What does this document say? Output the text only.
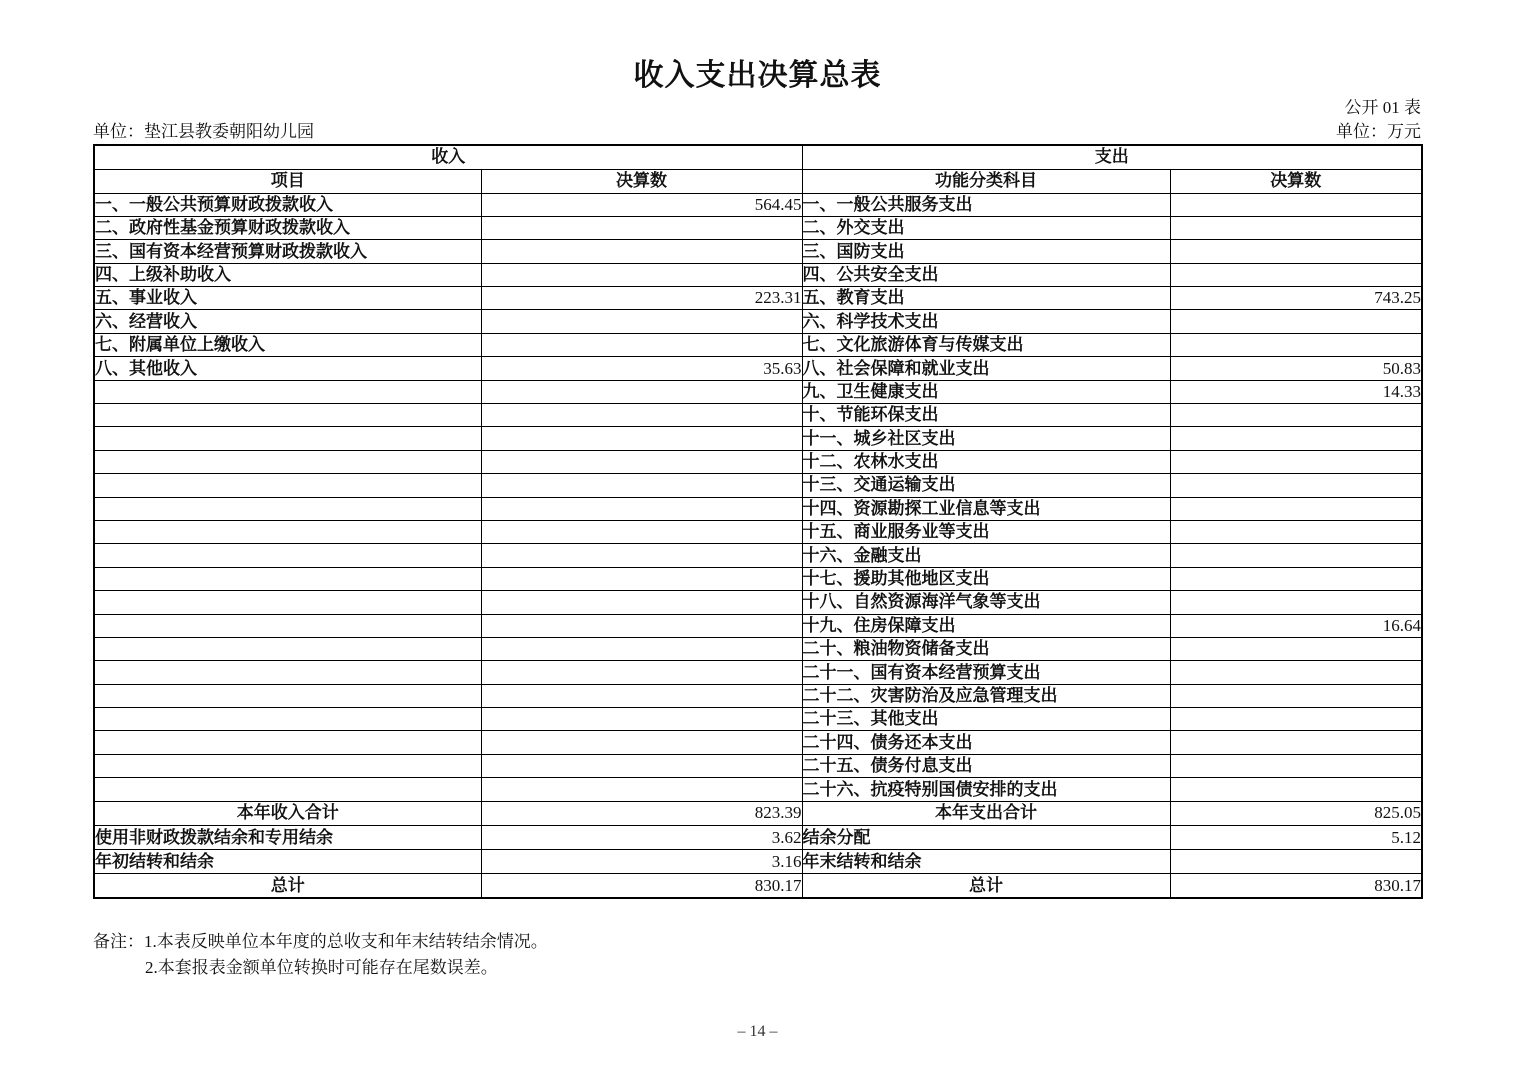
收入支出决算总表
公开 01 表
单位：垫江县教委朝阳幼儿园	单位：万元
收入		支出	
项目	决算数	功能分类科目	决算数
一、一般公共预算财政拨款收入	564.45	一、一般公共服务支出	
二、政府性基金预算财政拨款收入		二、外交支出	
三、国有资本经营预算财政拨款收入		三、国防支出	
四、上级补助收入		四、公共安全支出	
五、事业收入	223.31	五、教育支出	743.25
六、经营收入		六、科学技术支出	
七、附属单位上缴收入		七、文化旅游体育与传媒支出	
八、其他收入	35.63	八、社会保障和就业支出	50.83
		九、卫生健康支出	14.33
		十、节能环保支出	
		十一、城乡社区支出	
		十二、农林水支出	
		十三、交通运输支出	
		十四、资源勘探工业信息等支出	
		十五、商业服务业等支出	
		十六、金融支出	
		十七、援助其他地区支出	
		十八、自然资源海洋气象等支出	
		十九、住房保障支出	16.64
		二十、粮油物资储备支出	
		二十一、国有资本经营预算支出	
		二十二、灾害防治及应急管理支出	
		二十三、其他支出	
		二十四、债务还本支出	
		二十五、债务付息支出	
		二十六、抗疫特别国债安排的支出	
本年收入合计	823.39	本年支出合计	825.05
使用非财政拨款结余和专用结余	3.62	结余分配	5.12
年初结转和结余	3.16	年末结转和结余	
总计	830.17	总计	830.17
备注：1.本表反映单位本年度的总收支和年末结转结余情况。
2.本套报表金额单位转换时可能存在尾数误差。
– 14 –
